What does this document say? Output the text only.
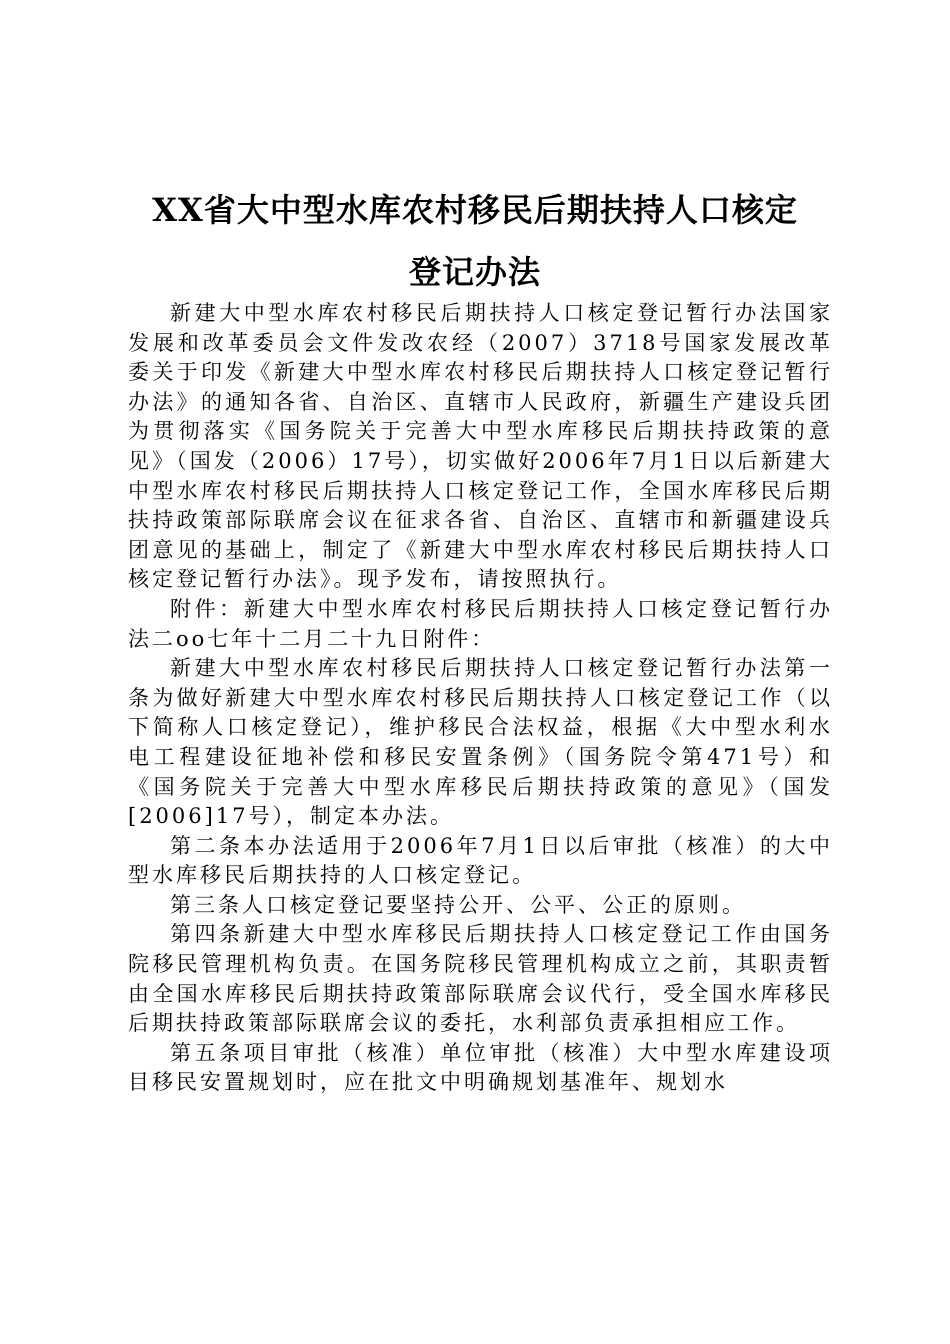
XX省大中型水库农村移民后期扶持人口核定
登记办法

新建大中型水库农村移民后期扶持人口核定登记暂行办法国家发展和改革委员会文件发改农经（2007）3718号国家发展改革委关于印发《新建大中型水库农村移民后期扶持人口核定登记暂行办法》的通知各省、自治区、直辖市人民政府，新疆生产建设兵团为贯彻落实《国务院关于完善大中型水库移民后期扶持政策的意见》（国发（2006）17号），切实做好2006年7月1日以后新建大中型水库农村移民后期扶持人口核定登记工作，全国水库移民后期扶持政策部际联席会议在征求各省、自治区、直辖市和新疆建设兵团意见的基础上，制定了《新建大中型水库农村移民后期扶持人口核定登记暂行办法》。现予发布，请按照执行。

附件：新建大中型水库农村移民后期扶持人口核定登记暂行办法二oo七年十二月二十九日附件：

新建大中型水库农村移民后期扶持人口核定登记暂行办法第一条为做好新建大中型水库农村移民后期扶持人口核定登记工作（以下简称人口核定登记），维护移民合法权益，根据《大中型水利水电工程建设征地补偿和移民安置条例》（国务院令第471号）和《国务院关于完善大中型水库移民后期扶持政策的意见》（国发[2006]17号），制定本办法。

第二条本办法适用于2006年7月1日以后审批（核准）的大中型水库移民后期扶持的人口核定登记。

第三条人口核定登记要坚持公开、公平、公正的原则。

第四条新建大中型水库移民后期扶持人口核定登记工作由国务院移民管理机构负责。在国务院移民管理机构成立之前，其职责暂由全国水库移民后期扶持政策部际联席会议代行，受全国水库移民后期扶持政策部际联席会议的委托，水利部负责承担相应工作。

第五条项目审批（核准）单位审批（核准）大中型水库建设项目移民安置规划时，应在批文中明确规划基准年、规划水
